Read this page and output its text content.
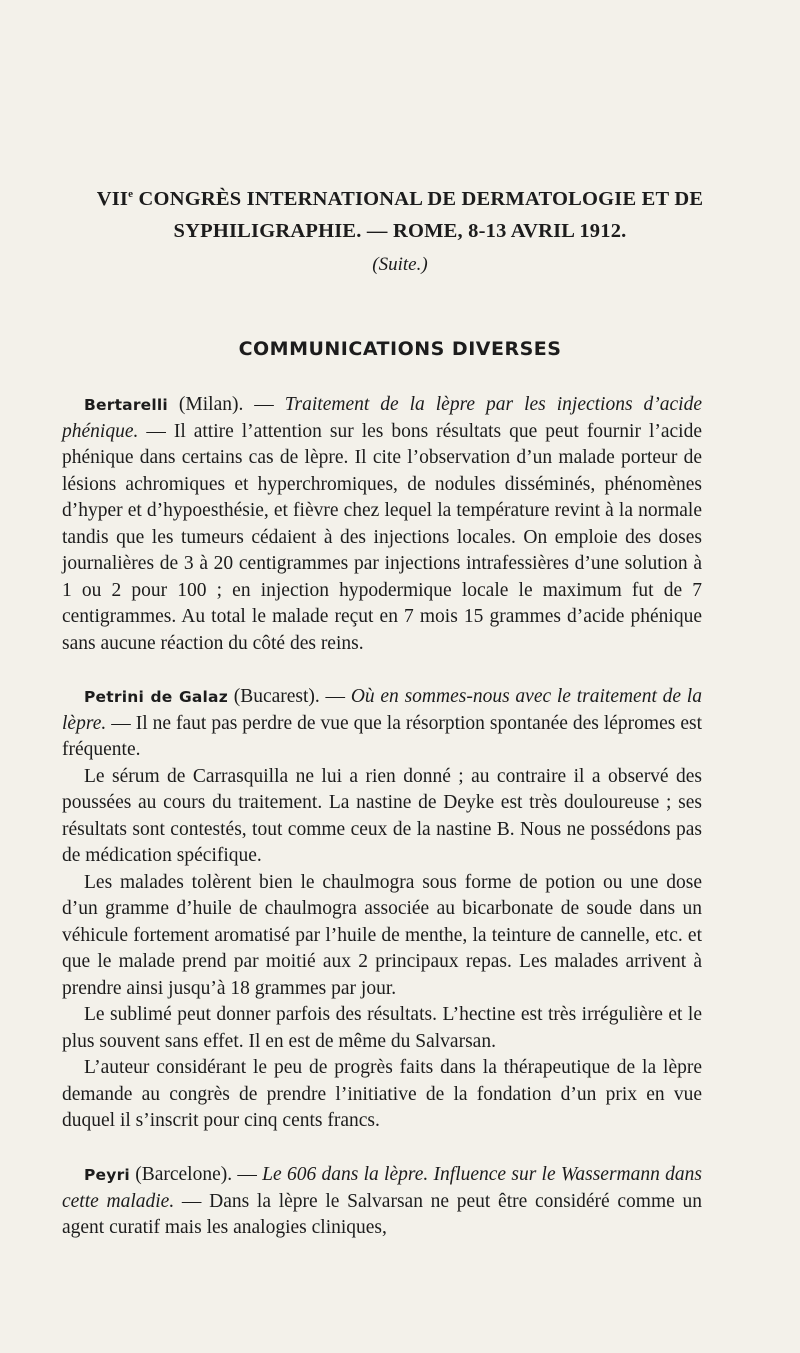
VIIe CONGRÈS INTERNATIONAL DE DERMATOLOGIE ET DE
SYPHILIGRAPHIE. — ROME, 8-13 AVRIL 1912.

(Suite.)

COMMUNICATIONS DIVERSES

Bertarelli (Milan). — Traitement de la lèpre par les injections d’acide phénique. — Il attire l’attention sur les bons résultats que peut fournir l’acide phénique dans certains cas de lèpre. Il cite l’observation d’un malade porteur de lésions achromiques et hyperchromiques, de nodules disséminés, phénomènes d’hyper et d’hypoesthésie, et fièvre chez lequel la température revint à la normale tandis que les tumeurs cédaient à des injections locales. On emploie des doses journalières de 3 à 20 centigrammes par injections intrafessières d’une solution à 1 ou 2 pour 100 ; en injection hypodermique locale le maximum fut de 7 centigrammes. Au total le malade reçut en 7 mois 15 grammes d’acide phénique sans aucune réaction du côté des reins.

Petrini de Galaz (Bucarest). — Où en sommes-nous avec le traitement de la lèpre. — Il ne faut pas perdre de vue que la résorption spontanée des lépromes est fréquente.

Le sérum de Carrasquilla ne lui a rien donné ; au contraire il a observé des poussées au cours du traitement. La nastine de Deyke est très douloureuse ; ses résultats sont contestés, tout comme ceux de la nastine B. Nous ne possédons pas de médication spécifique.

Les malades tolèrent bien le chaulmogra sous forme de potion ou une dose d’un gramme d’huile de chaulmogra associée au bicarbonate de soude dans un véhicule fortement aromatisé par l’huile de menthe, la teinture de cannelle, etc. et que le malade prend par moitié aux 2 principaux repas. Les malades arrivent à prendre ainsi jusqu’à 18 grammes par jour.

Le sublimé peut donner parfois des résultats. L’hectine est très irrégulière et le plus souvent sans effet. Il en est de même du Salvarsan.

L’auteur considérant le peu de progrès faits dans la thérapeutique de la lèpre demande au congrès de prendre l’initiative de la fondation d’un prix en vue duquel il s’inscrit pour cinq cents francs.

Peyri (Barcelone). — Le 606 dans la lèpre. Influence sur le Wassermann dans cette maladie. — Dans la lèpre le Salvarsan ne peut être considéré comme un agent curatif mais les analogies cliniques,
